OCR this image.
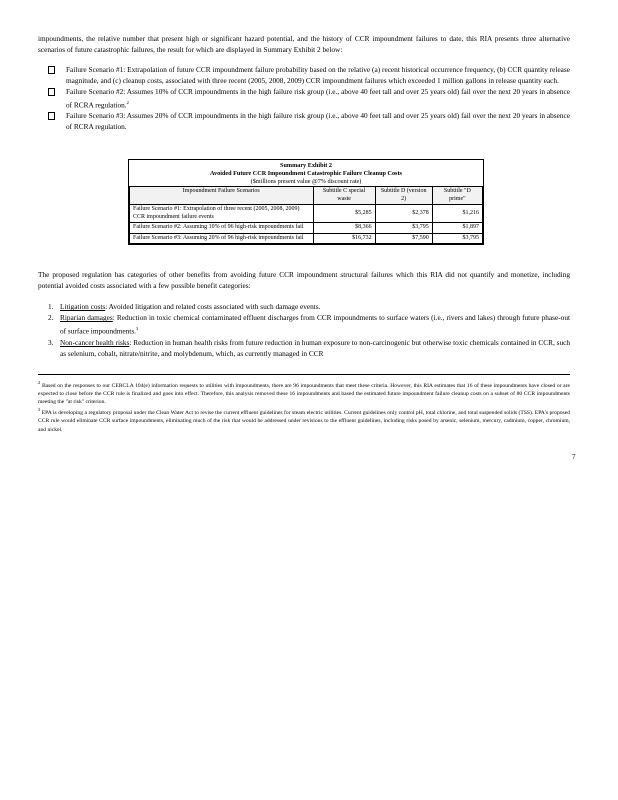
impoundments, the relative number that present high or significant hazard potential, and the history of CCR impoundment failures to date, this RIA presents three alternative scenarios of future catastrophic failures, the result for which are displayed in Summary Exhibit 2 below:

Failure Scenario #1: Extrapolation of future CCR impoundment failure probability based on the relative (a) recent historical occurrence frequency, (b) CCR quantity release magnitude, and (c) cleanup costs, associated with three recent (2005, 2008, 2009) CCR impoundment failures which exceeded 1 million gallons in release quantity each.
Failure Scenario #2: Assumes 10% of CCR impoundments in the high failure risk group (i.e., above 40 feet tall and over 25 years old) fail over the next 20 years in absence of RCRA regulation.$^2$
Failure Scenario #3: Assumes 20% of CCR impoundments in the high failure risk group (i.e., above 40 feet tall and over 25 years old) fail over the next 20 years in absence of RCRA regulation.
Summary Exhibit 2
Avoided Future CCR Impoundment Catastrophic Failure Cleanup Costs
($millions present value @7% discount rate)
Impoundment Failure Scenarios	Subtitle C special waste	Subtitle D (version 2)	Subtitle "D prime"
Failure Scenario #1: Extrapolation of three recent (2005, 2008, 2009) CCR impoundment failure events	$5,285	$2,378	$1,216
Failure Scenario #2: Assuming 10% of 96 high-risk impoundments fail	$8,366	$3,795	$1,897
Failure Scenario #3: Assuming 20% of 96 high-risk impoundments fail	$16,732	$7,590	$3,795

The proposed regulation has categories of other benefits from avoiding future CCR impoundment structural failures which this RIA did not quantify and monetize, including potential avoided costs associated with a few possible benefit categories:

1. Litigation costs: Avoided litigation and related costs associated with such damage events.
2. Riparian damages: Reduction in toxic chemical contaminated effluent discharges from CCR impoundments to surface waters (i.e., rivers and lakes) through future phase-out of surface impoundments.$^3$
3. Non-cancer health risks: Reduction in human health risks from future reduction in human exposure to non-carcinogenic but otherwise toxic chemicals contained in CCR, such as selenium, cobalt, nitrate/nitrite, and molybdenum, which, as currently managed in CCR

$^2$ Based on the responses to our CERCLA 104(e) information requests to utilities with impoundments, there are 96 impoundments that meet these criteria. However, this RIA estimates that 16 of these impoundments have closed or are expected to close before the CCR rule is finalized and goes into effect. Therefore, this analysis removed these 16 impoundments and based the estimated future impoundment failure cleanup costs on a subset of 80 CCR impoundments meeting the "at risk" criterion.

$^3$ EPA is developing a regulatory proposal under the Clean Water Act to revise the current effluent guidelines for steam electric utilities. Current guidelines only control pH, total chlorine, and total suspended solids (TSS). EPA's proposed CCR rule would eliminate CCR surface impoundments, eliminating much of the risk that would be addressed under revisions to the effluent guidelines, including risks posed by arsenic, selenium, mercury, cadmium, copper, chromium, and nickel.

7
